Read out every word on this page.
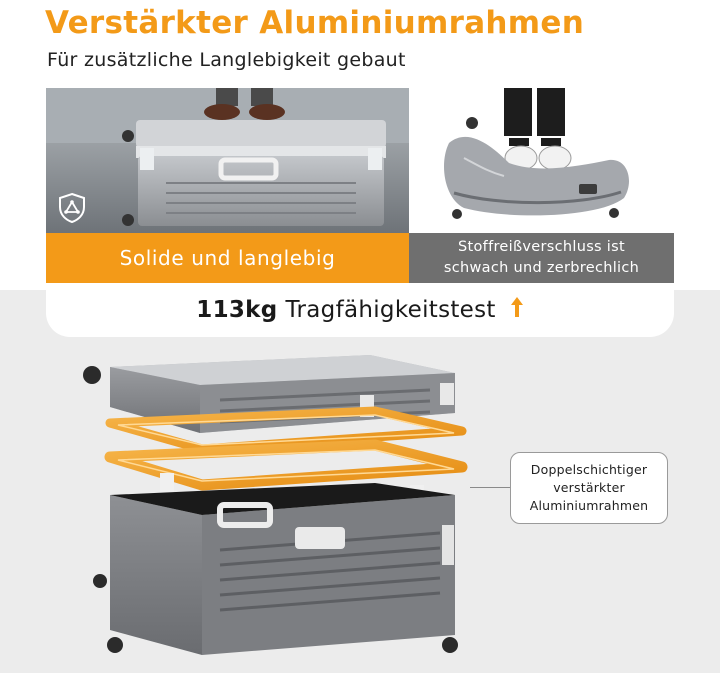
Verstärkter Aluminiumrahmen
Für zusätzliche Langlebigkeit gebaut
Solide und langlebig	Stoffreißverschluss ist
schwach und zerbrechlich
113kg Tragfähigkeitstest
Doppelschichtiger
verstärkter
Aluminiumrahmen
